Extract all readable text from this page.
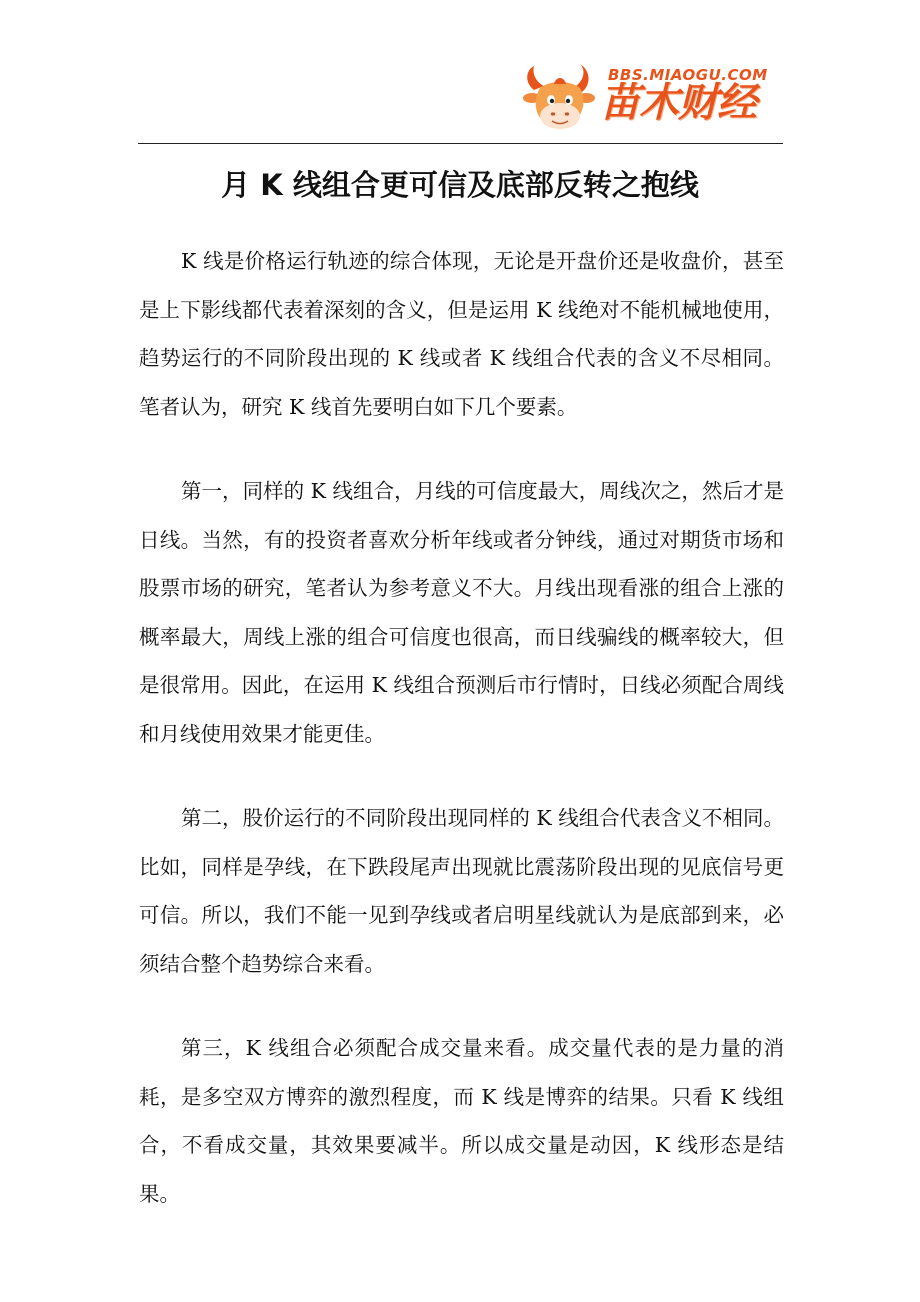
BBS.MIAOGU.COM
苗木财经
月 K 线组合更可信及底部反转之抱线

K 线是价格运行轨迹的综合体现，无论是开盘价还是收盘价，甚至是上下影线都代表着深刻的含义，但是运用 K 线绝对不能机械地使用，趋势运行的不同阶段出现的 K 线或者 K 线组合代表的含义不尽相同。笔者认为，研究 K 线首先要明白如下几个要素。

第一，同样的 K 线组合，月线的可信度最大，周线次之，然后才是日线。当然，有的投资者喜欢分析年线或者分钟线，通过对期货市场和股票市场的研究，笔者认为参考意义不大。月线出现看涨的组合上涨的概率最大，周线上涨的组合可信度也很高，而日线骗线的概率较大，但是很常用。因此，在运用 K 线组合预测后市行情时，日线必须配合周线和月线使用效果才能更佳。

第二，股价运行的不同阶段出现同样的 K 线组合代表含义不相同。比如，同样是孕线，在下跌段尾声出现就比震荡阶段出现的见底信号更可信。所以，我们不能一见到孕线或者启明星线就认为是底部到来，必须结合整个趋势综合来看。

第三，K 线组合必须配合成交量来看。成交量代表的是力量的消耗，是多空双方博弈的激烈程度，而 K 线是博弈的结果。只看 K 线组合，不看成交量，其效果要减半。所以成交量是动因，K 线形态是结果。
